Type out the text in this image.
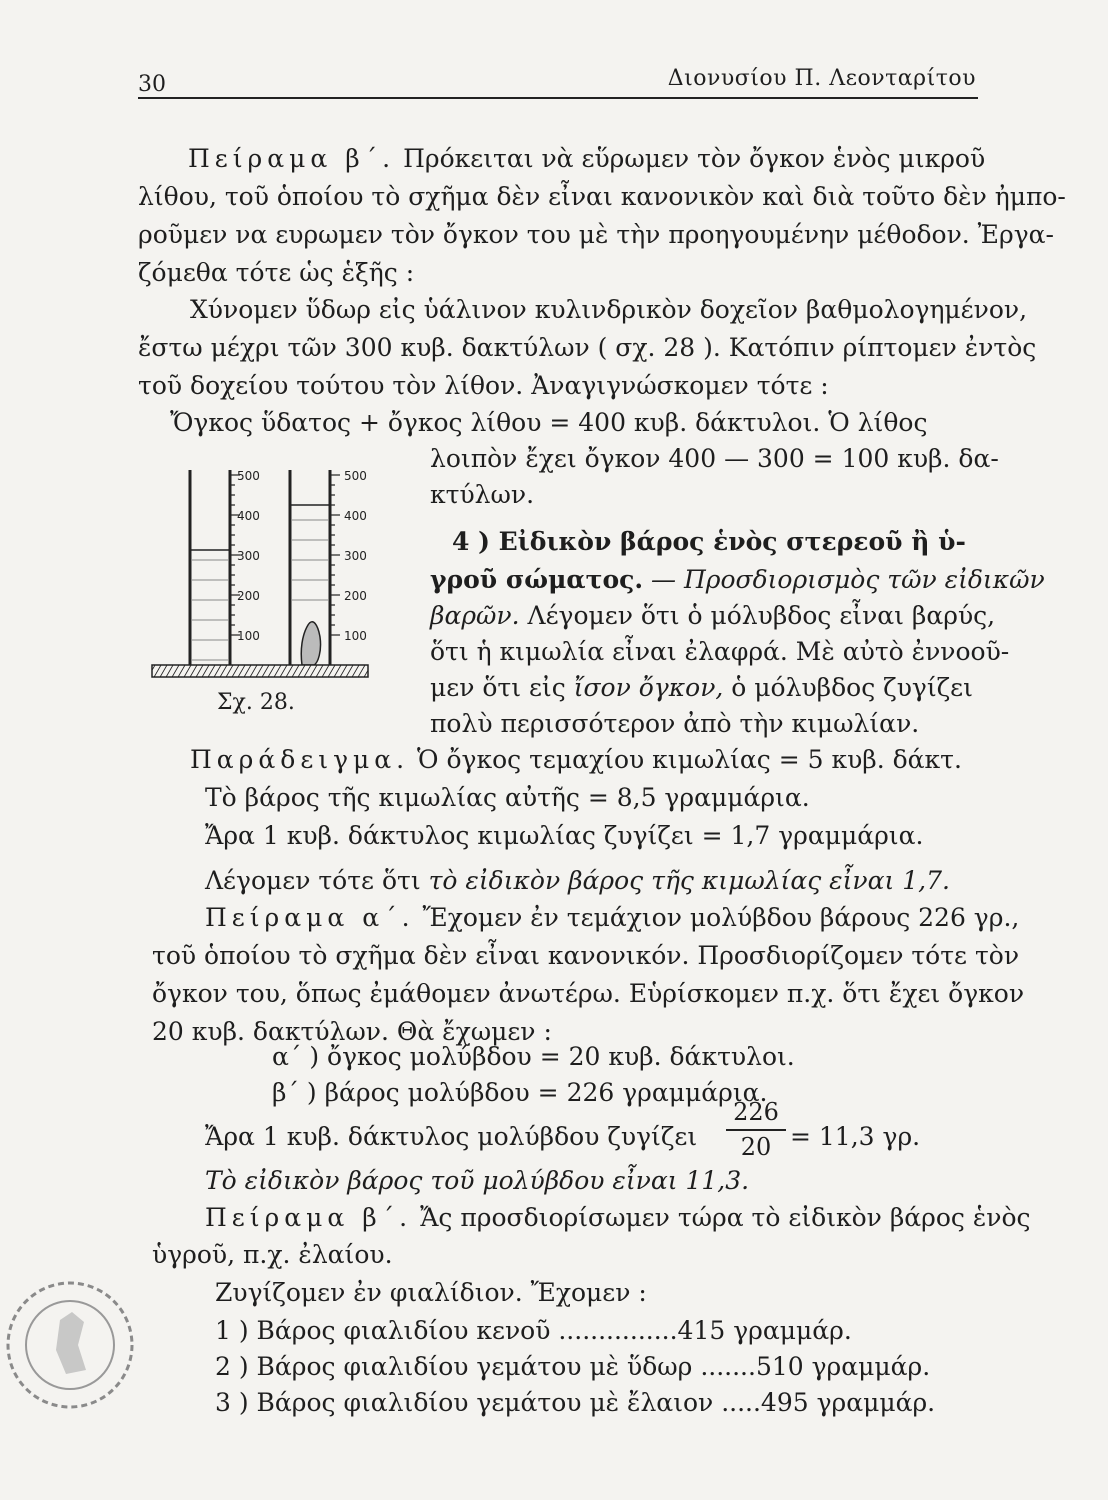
30	Διονυσίου Π. Λεονταρίτου
Πείραμα β΄. Πρόκειται νὰ εὕρωμεν τὸν ὄγκον ἑνὸς μικροῦ
λίθου, τοῦ ὁποίου τὸ σχῆμα δὲν εἶναι κανονικὸν καὶ διὰ τοῦτο δὲν ἠμπο-
ροῦμεν να ευρωμεν τὸν ὄγκον του μὲ τὴν προηγουμένην μέθοδον. Ἐργα-
ζόμεθα τότε ὡς ἑξῆς :
Χύνομεν ὕδωρ εἰς ὑάλινον κυλινδρικὸν δοχεῖον βαθμολογημένον,
ἔστω μέχρι τῶν 300 κυβ. δακτύλων ( σχ. 28 ). Κατόπιν ρίπτομεν ἐντὸς
τοῦ δοχείου τούτου τὸν λίθον. Ἀναγιγνώσκομεν τότε :
Ὄγκος ὕδατος + ὄγκος λίθου = 400 κυβ. δάκτυλοι. Ὁ λίθος
λοιπὸν ἔχει ὄγκον 400 — 300 = 100 κυβ. δα-
κτύλων.
500
400
300
200
100
500
400
300
200
100
Σχ. 28.
4 ) Εἰδικὸν βάρος ἑνὸς στερεοῦ ἢ ὑ-
γροῦ σώματος. — Προσδιορισμὸς τῶν εἰδικῶν
βαρῶν. Λέγομεν ὅτι ὁ μόλυβδος εἶναι βαρύς,
ὅτι ἡ κιμωλία εἶναι ἐλαφρά. Μὲ αὐτὸ ἐννοοῦ-
μεν ὅτι εἰς ἴσον ὄγκον, ὁ μόλυβδος ζυγίζει
πολὺ περισσότερον ἀπὸ τὴν κιμωλίαν.
Παράδειγμα. Ὁ ὄγκος τεμαχίου κιμωλίας = 5 κυβ. δάκτ.
Τὸ βάρος τῆς κιμωλίας αὐτῆς = 8,5 γραμμάρια.
Ἄρα 1 κυβ. δάκτυλος κιμωλίας ζυγίζει = 1,7 γραμμάρια.
Λέγομεν τότε ὅτι τὸ εἰδικὸν βάρος τῆς κιμωλίας εἶναι 1,7.
Πείραμα α΄. Ἔχομεν ἐν τεμάχιον μολύβδου βάρους 226 γρ.,
τοῦ ὁποίου τὸ σχῆμα δὲν εἶναι κανονικόν. Προσδιορίζομεν τότε τὸν
ὄγκον του, ὅπως ἐμάθομεν ἀνωτέρω. Εὑρίσκομεν π.χ. ὅτι ἔχει ὄγκον
20 κυβ. δακτύλων. Θὰ ἔχωμεν :
α΄ ) ὄγκος μολύβδου = 20 κυβ. δάκτυλοι.
β΄ ) βάρος μολύβδου = 226 γραμμάρια.
Ἄρα 1 κυβ. δάκτυλος μολύβδου ζυγίζει
226
20 = 11,3 γρ.
Τὸ εἰδικὸν βάρος τοῦ μολύβδου εἶναι 11,3.
Πείραμα β΄. Ἄς προσδιορίσωμεν τώρα τὸ εἰδικὸν βάρος ἑνὸς
ὑγροῦ, π.χ. ἐλαίου.
Ζυγίζομεν ἐν φιαλίδιον. Ἔχομεν :
1 ) Βάρος φιαλιδίου κενοῦ ...............415 γραμμάρ.
2 ) Βάρος φιαλιδίου γεμάτου μὲ ὕδωρ .......510 γραμμάρ.
3 ) Βάρος φιαλιδίου γεμάτου μὲ ἔλαιον .....495 γραμμάρ.
